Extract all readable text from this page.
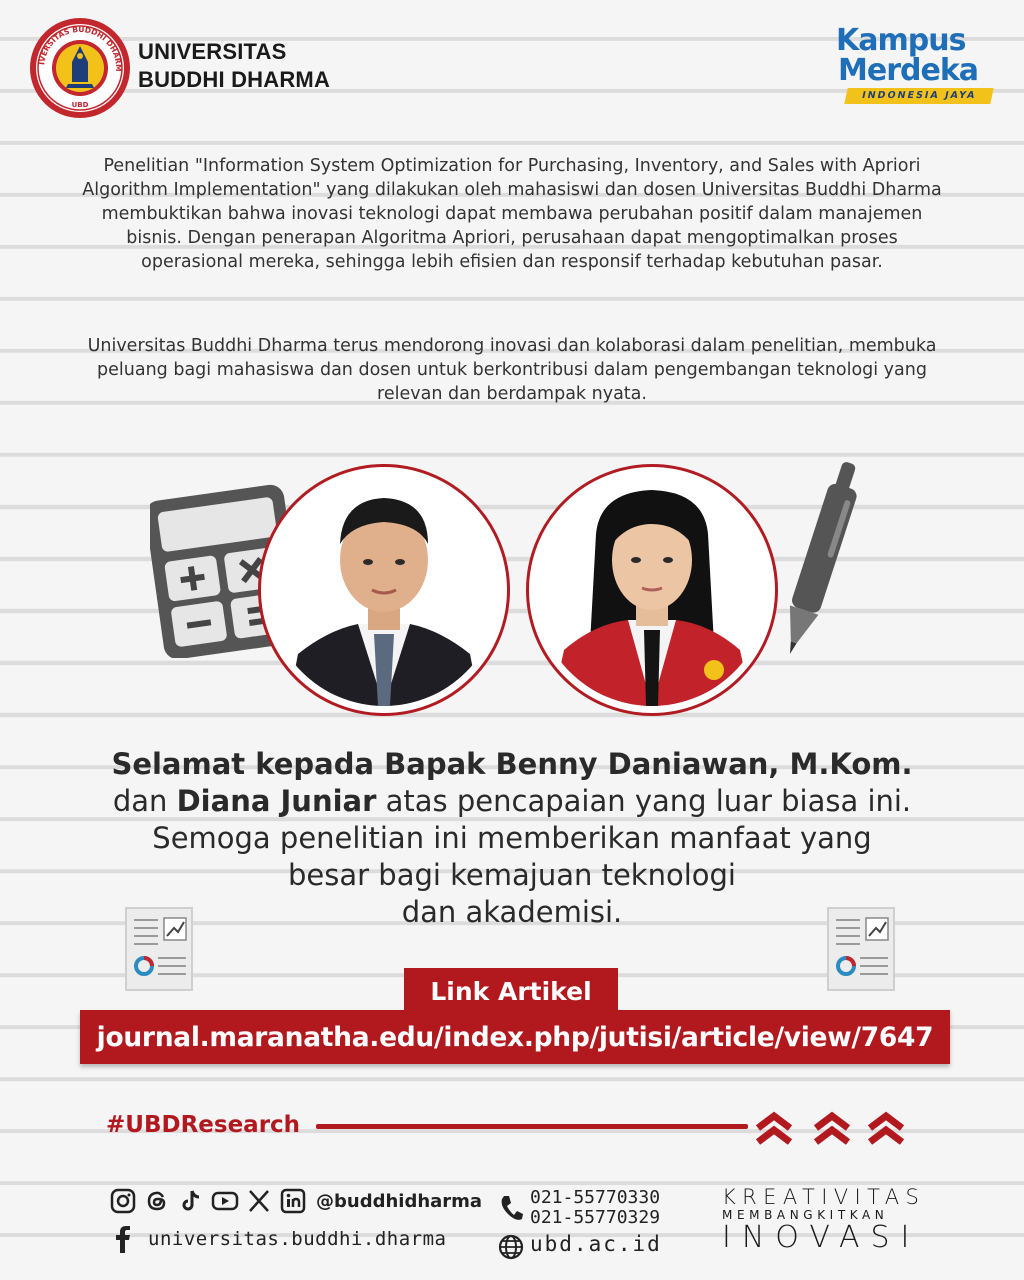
IVERSITAS BUDDHI DHARM
UBD
UNIVERSITAS
BUDDHI DHARMA
Kampus
Merdeka
INDONESIA JAYA

Penelitian "Information System Optimization for Purchasing, Inventory, and Sales with Apriori Algorithm Implementation" yang dilakukan oleh mahasiswi dan dosen Universitas Buddhi Dharma membuktikan bahwa inovasi teknologi dapat membawa perubahan positif dalam manajemen bisnis. Dengan penerapan Algoritma Apriori, perusahaan dapat mengoptimalkan proses operasional mereka, sehingga lebih efisien dan responsif terhadap kebutuhan pasar.

Universitas Buddhi Dharma terus mendorong inovasi dan kolaborasi dalam penelitian, membuka peluang bagi mahasiswa dan dosen untuk berkontribusi dalam pengembangan teknologi yang relevan dan berdampak nyata.

Selamat kepada Bapak Benny Daniawan, M.Kom.
dan Diana Juniar atas pencapaian yang luar biasa ini.
Semoga penelitian ini memberikan manfaat yang
besar bagi kemajuan teknologi
dan akademisi.
Link Artikel
journal.maranatha.edu/index.php/jutisi/article/view/7647
#UBDResearch
@buddhidharma
universitas.buddhi.dharma
021-55770330
021-55770329
ubd.ac.id
KREATIVITAS
MEMBANGKITKAN
INOVASI
